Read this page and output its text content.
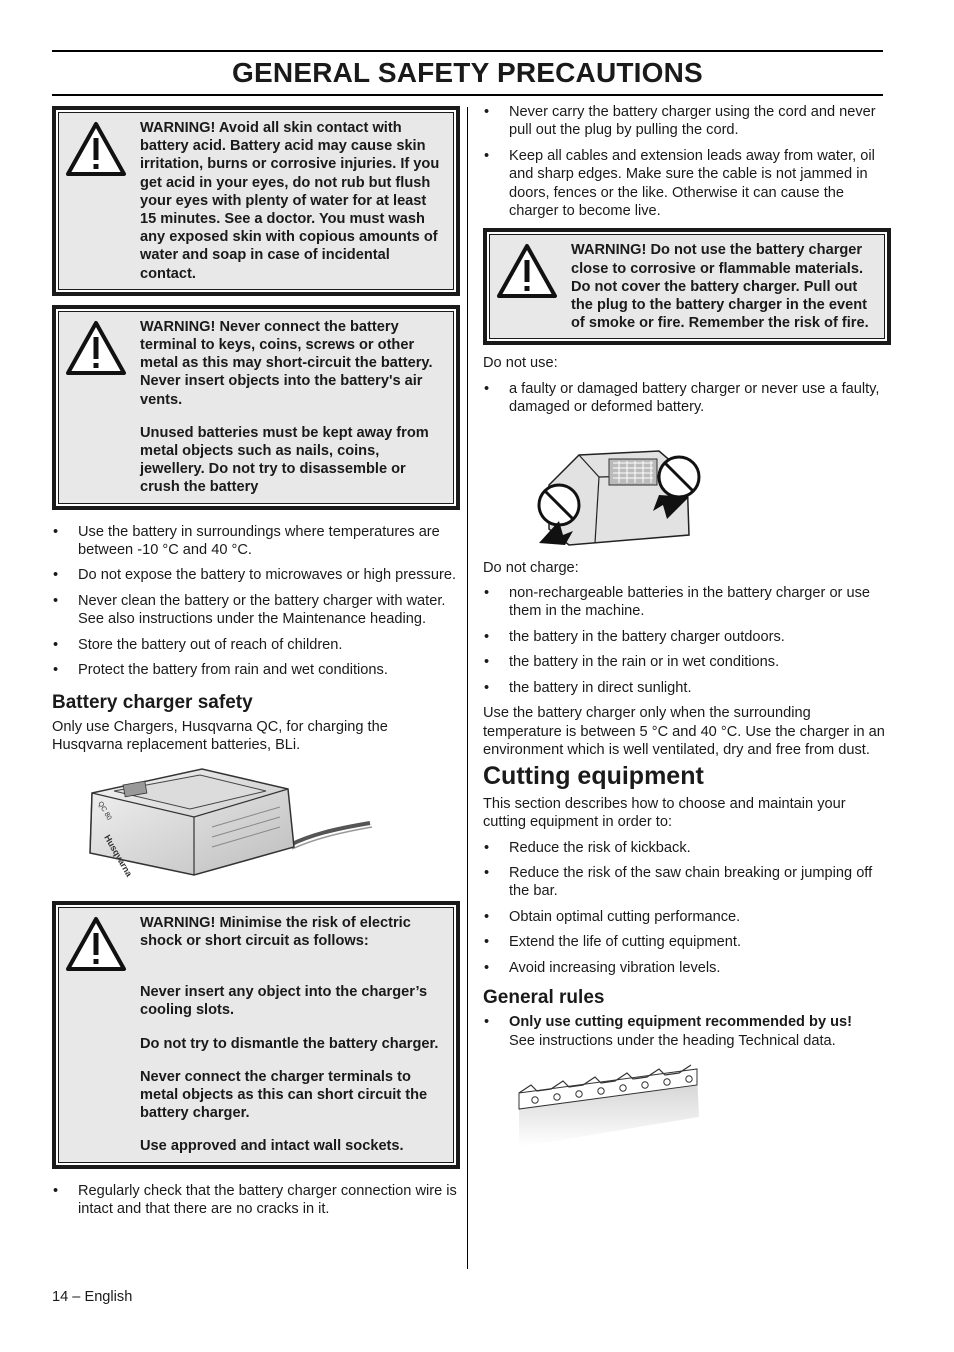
GENERAL SAFETY PRECAUTIONS

WARNING! Avoid all skin contact with battery acid. Battery acid may cause skin irritation, burns or corrosive injuries. If you get acid in your eyes, do not rub but flush your eyes with plenty of water for at least 15 minutes. See a doctor. You must wash any exposed skin with copious amounts of water and soap in case of incidental contact.

WARNING! Never connect the battery terminal to keys, coins, screws or other metal as this may short-circuit the battery. Never insert objects into the battery's air vents.

Unused batteries must be kept away from metal objects such as nails, coins, jewellery. Do not try to disassemble or crush the battery

• Use the battery in surroundings where temperatures are between -10 °C and 40 °C.
• Do not expose the battery to microwaves or high pressure.
• Never clean the battery or the battery charger with water. See also instructions under the Maintenance heading.
• Store the battery out of reach of children.
• Protect the battery from rain and wet conditions.
Battery charger safety

Only use Chargers, Husqvarna QC, for charging the Husqvarna replacement batteries, BLi.

Husqvarna
QC 80

WARNING! Minimise the risk of electric shock or short circuit as follows:

Never insert any object into the charger’s cooling slots.

Do not try to dismantle the battery charger.

Never connect the charger terminals to metal objects as this can short circuit the battery charger.

Use approved and intact wall sockets.

• Regularly check that the battery charger connection wire is intact and that there are no cracks in it.
• Never carry the battery charger using the cord and never pull out the plug by pulling the cord.
• Keep all cables and extension leads away from water, oil and sharp edges. Make sure the cable is not jammed in doors, fences or the like. Otherwise it can cause the charger to become live.

WARNING! Do not use the battery charger close to corrosive or flammable materials. Do not cover the battery charger. Pull out the plug to the battery charger in the event of smoke or fire. Remember the risk of fire.

Do not use:

• a faulty or damaged battery charger or never use a faulty, damaged or deformed battery.

Do not charge:

• non-rechargeable batteries in the battery charger or use them in the machine.
• the battery in the battery charger outdoors.
• the battery in the rain or in wet conditions.
• the battery in direct sunlight.

Use the battery charger only when the surrounding temperature is between 5 °C and 40 °C. Use the charger in an environment which is well ventilated, dry and free from dust.

Cutting equipment

This section describes how to choose and maintain your cutting equipment in order to:

• Reduce the risk of kickback.
• Reduce the risk of the saw chain breaking or jumping off the bar.
• Obtain optimal cutting performance.
• Extend the life of cutting equipment.
• Avoid increasing vibration levels.
General rules
• Only use cutting equipment recommended by us!
See instructions under the heading Technical data.
14 – English
